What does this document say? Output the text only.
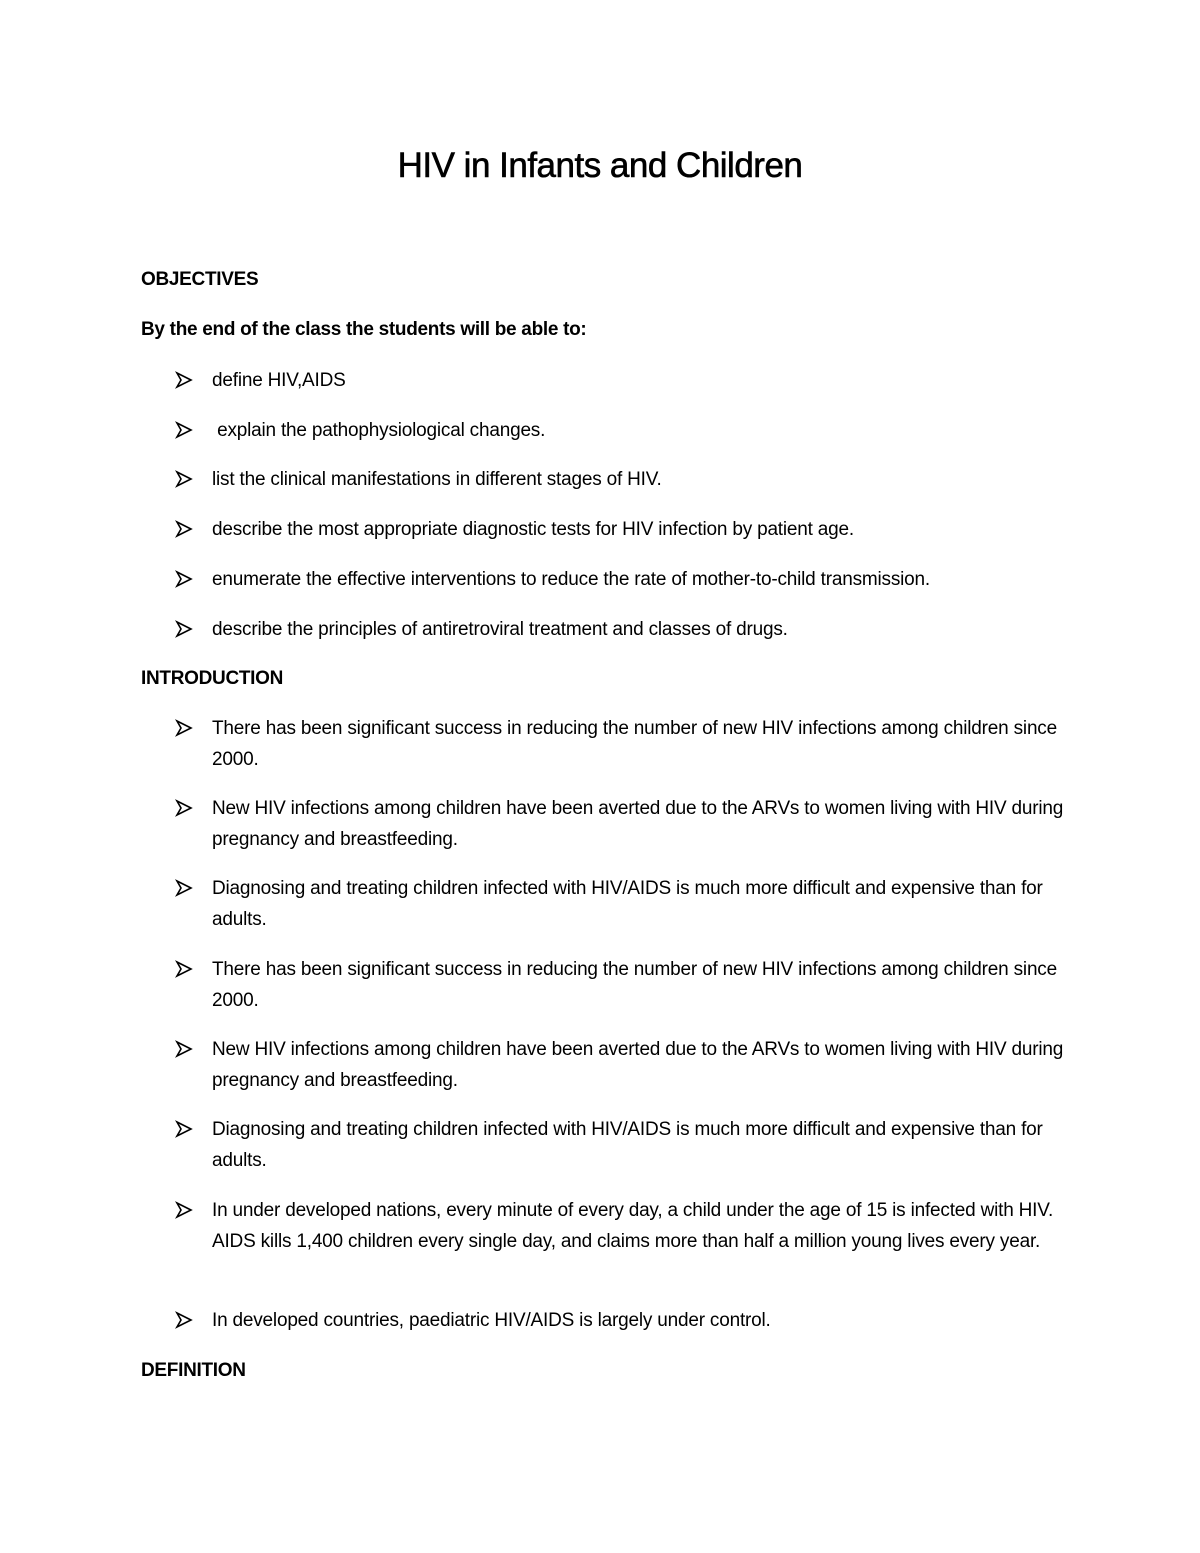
HIV in Infants and Children
OBJECTIVES
By the end of the class the students will be able to:
define HIV,AIDS
explain the pathophysiological changes.
list the clinical manifestations in different stages of HIV.
describe the most appropriate diagnostic tests for HIV infection by patient age.
enumerate the effective interventions to reduce the rate of mother-to-child transmission.
describe the principles of antiretroviral treatment and classes of drugs.
INTRODUCTION
There has been significant success in reducing the number of new HIV infections among children since 2000.
New HIV infections among children have been averted due to the ARVs to women living with HIV during pregnancy and breastfeeding.
Diagnosing and treating children infected with HIV/AIDS is much more difficult and expensive than for adults.
There has been significant success in reducing the number of new HIV infections among children since 2000.
New HIV infections among children have been averted due to the ARVs to women living with HIV during pregnancy and breastfeeding.
Diagnosing and treating children infected with HIV/AIDS is much more difficult and expensive than for adults.
In under developed nations, every minute of every day, a child under the age of 15 is infected with HIV. AIDS kills 1,400 children every single day, and claims more than half a million young lives every year.
In developed countries, paediatric HIV/AIDS is largely under control.
DEFINITION
